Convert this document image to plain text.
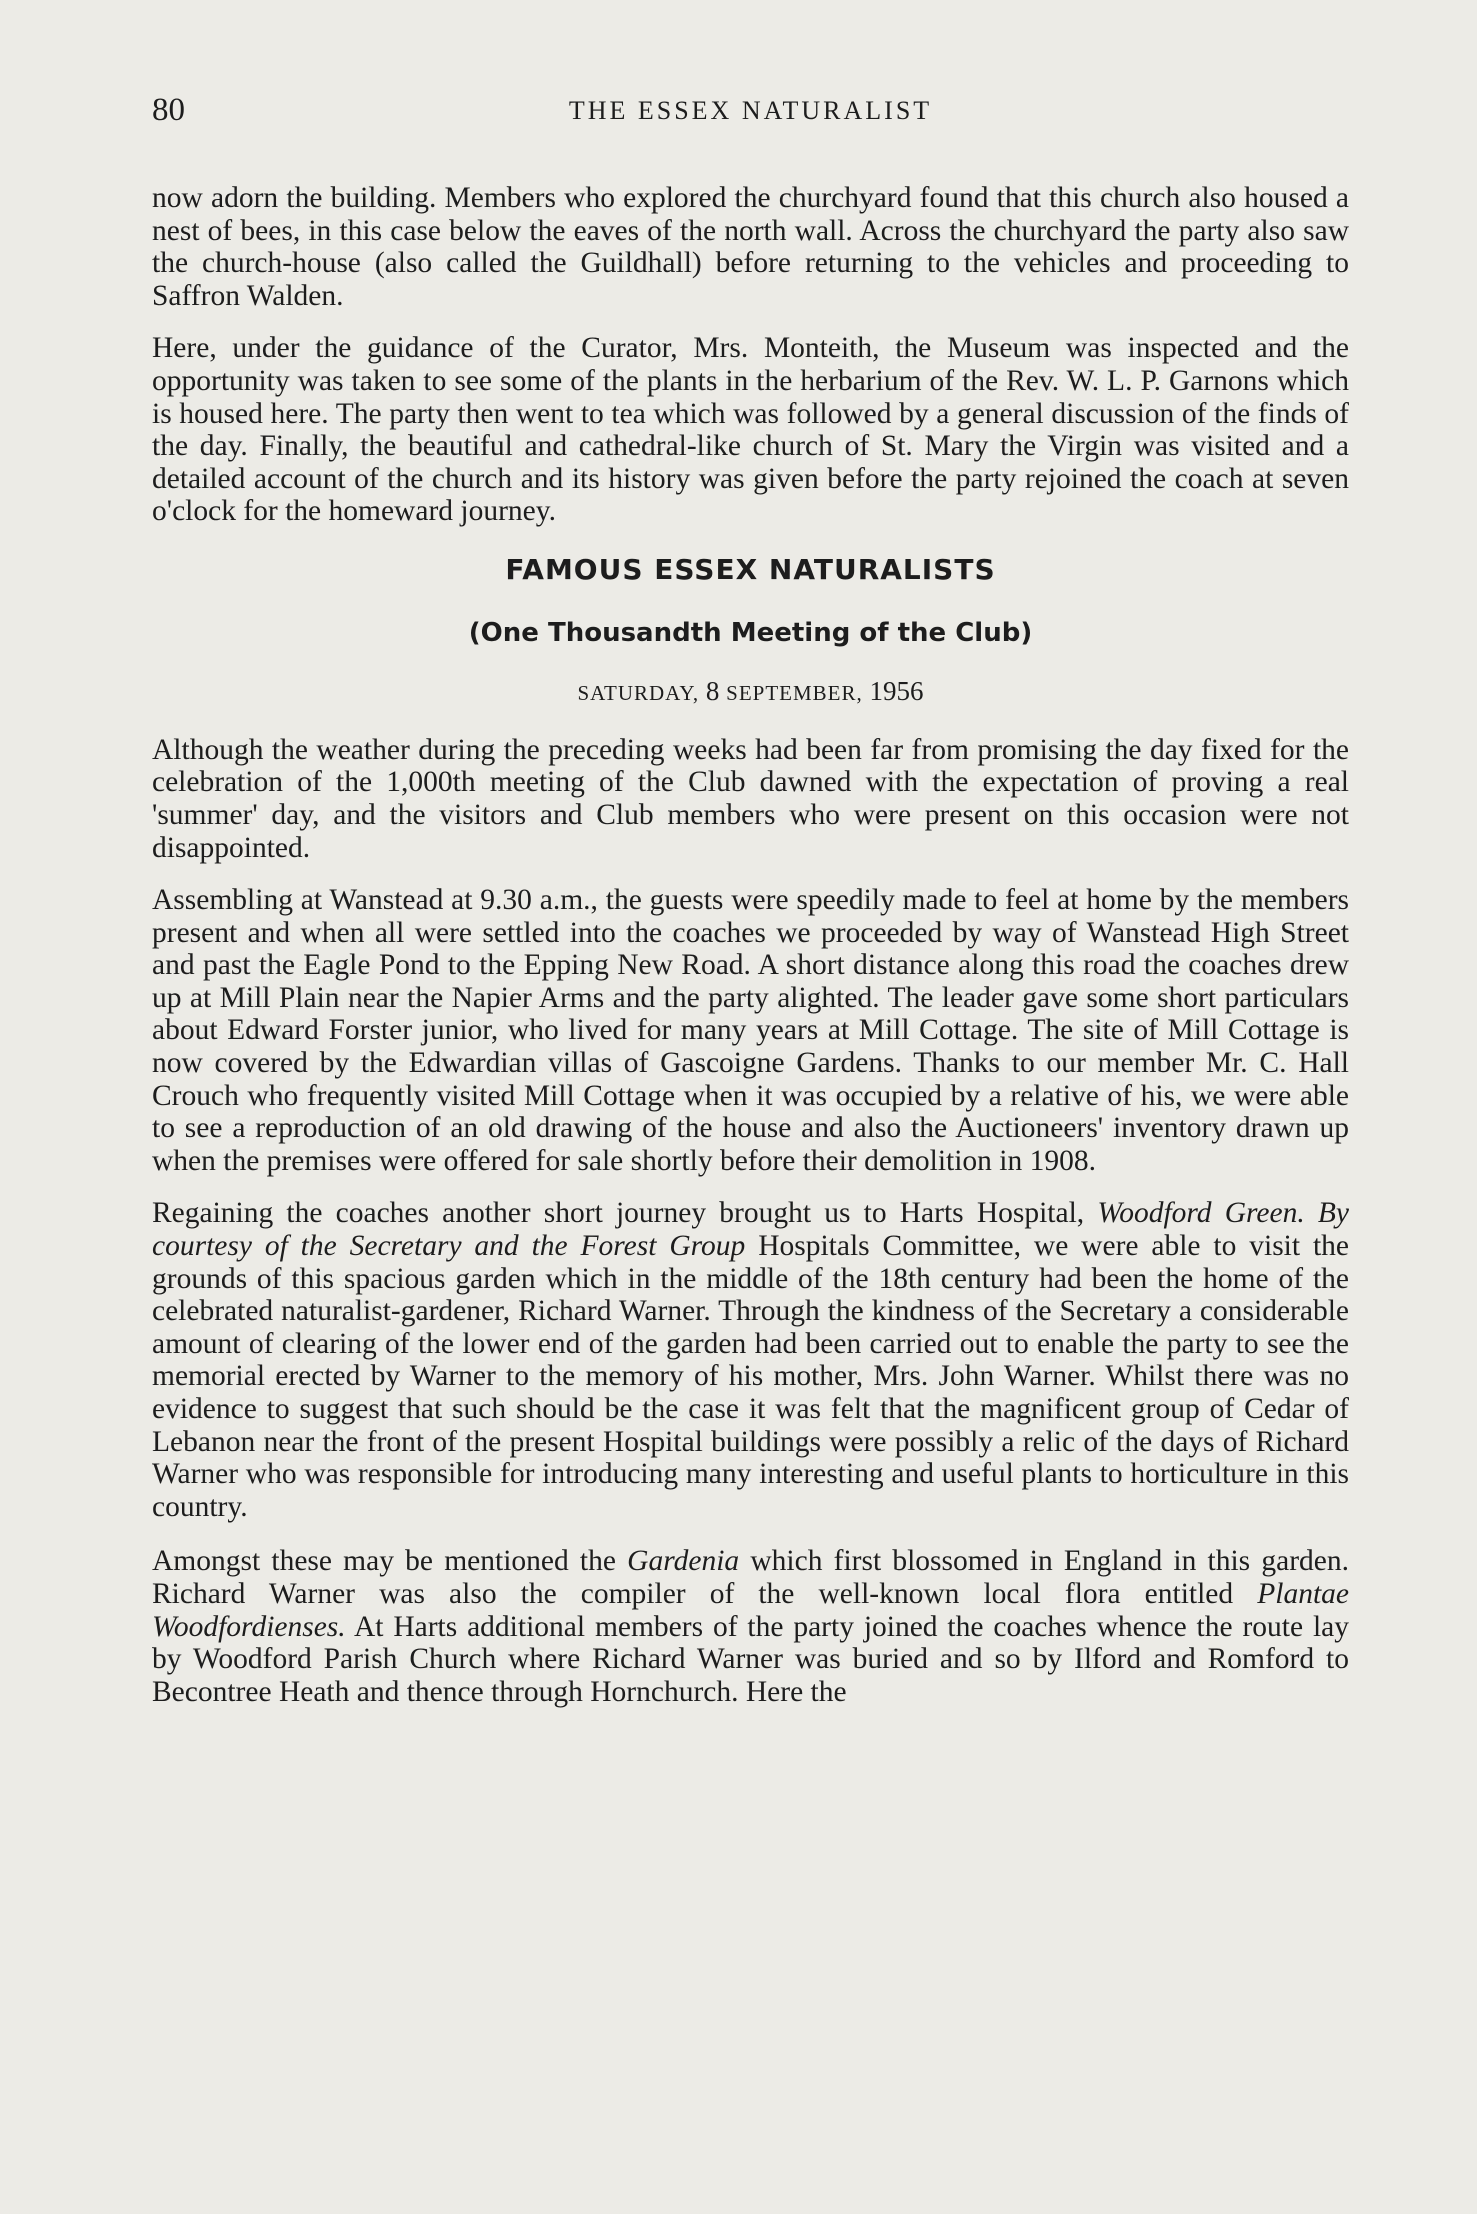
80	THE ESSEX NATURALIST

now adorn the building. Members who explored the churchyard found that this church also housed a nest of bees, in this case below the eaves of the north wall. Across the churchyard the party also saw the church-house (also called the Guildhall) before returning to the vehicles and proceeding to Saffron Walden.

Here, under the guidance of the Curator, Mrs. Monteith, the Museum was inspected and the opportunity was taken to see some of the plants in the herbarium of the Rev. W. L. P. Garnons which is housed here. The party then went to tea which was followed by a general discussion of the finds of the day. Finally, the beautiful and cathedral-like church of St. Mary the Virgin was visited and a detailed account of the church and its history was given before the party rejoined the coach at seven o'clock for the homeward journey.

FAMOUS ESSEX NATURALISTS
(One Thousandth Meeting of the Club)
SATURDAY, 8 SEPTEMBER, 1956

Although the weather during the preceding weeks had been far from promising the day fixed for the celebration of the 1,000th meeting of the Club dawned with the expectation of proving a real 'summer' day, and the visitors and Club members who were present on this occasion were not disappointed.

Assembling at Wanstead at 9.30 a.m., the guests were speedily made to feel at home by the members present and when all were settled into the coaches we proceeded by way of Wanstead High Street and past the Eagle Pond to the Epping New Road. A short distance along this road the coaches drew up at Mill Plain near the Napier Arms and the party alighted. The leader gave some short particulars about Edward Forster junior, who lived for many years at Mill Cottage. The site of Mill Cottage is now covered by the Edwardian villas of Gascoigne Gardens. Thanks to our member Mr. C. Hall Crouch who frequently visited Mill Cottage when it was occupied by a relative of his, we were able to see a reproduction of an old drawing of the house and also the Auctioneers' inventory drawn up when the premises were offered for sale shortly before their demolition in 1908.

Regaining the coaches another short journey brought us to Harts Hospital, Woodford Green. By courtesy of the Secretary and the Forest Group Hospitals Committee, we were able to visit the grounds of this spacious garden which in the middle of the 18th century had been the home of the celebrated naturalist-gardener, Richard Warner. Through the kindness of the Secretary a considerable amount of clearing of the lower end of the garden had been carried out to enable the party to see the memorial erected by Warner to the memory of his mother, Mrs. John Warner. Whilst there was no evidence to suggest that such should be the case it was felt that the magnificent group of Cedar of Lebanon near the front of the present Hospital buildings were possibly a relic of the days of Richard Warner who was responsible for introducing many interesting and useful plants to horticulture in this country.

Amongst these may be mentioned the Gardenia which first blossomed in England in this garden. Richard Warner was also the compiler of the well-known local flora entitled Plantae Woodfordienses. At Harts additional members of the party joined the coaches whence the route lay by Woodford Parish Church where Richard Warner was buried and so by Ilford and Romford to Becontree Heath and thence through Hornchurch. Here the
